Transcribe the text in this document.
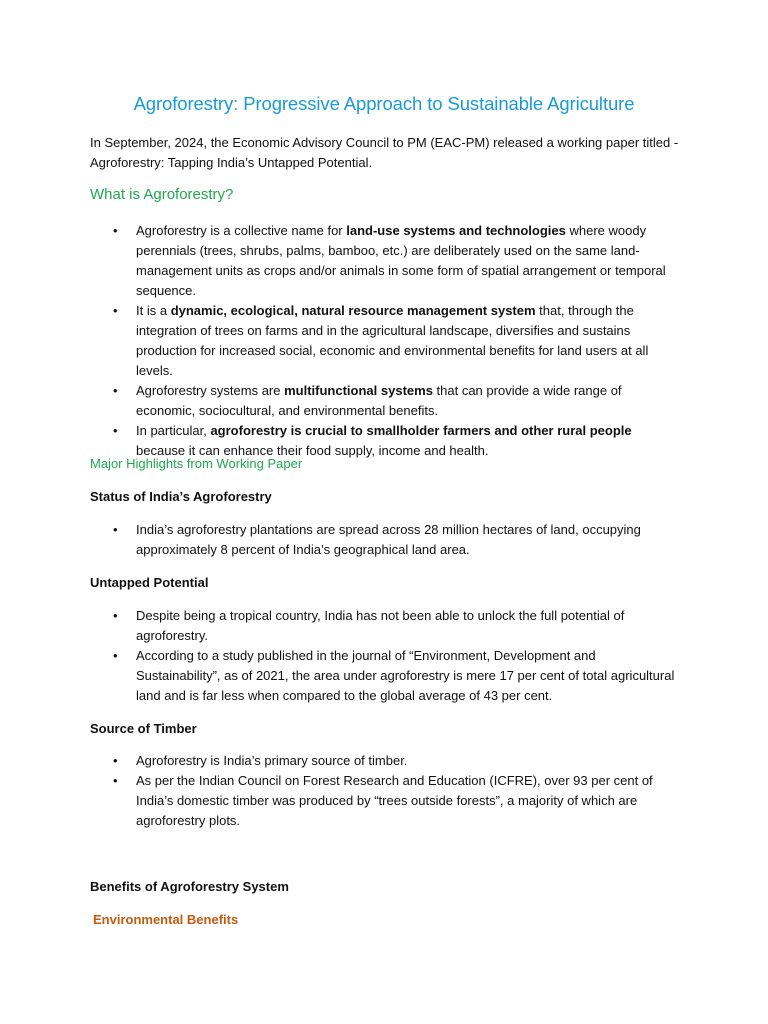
Agroforestry: Progressive Approach to Sustainable Agriculture

In September, 2024, the Economic Advisory Council to PM (EAC-PM) released a working paper titled - Agroforestry: Tapping India’s Untapped Potential.

What is Agroforestry?
• Agroforestry is a collective name for land-use systems and technologies where woody perennials (trees, shrubs, palms, bamboo, etc.) are deliberately used on the same land-management units as crops and/or animals in some form of spatial arrangement or temporal sequence.
• It is a dynamic, ecological, natural resource management system that, through the integration of trees on farms and in the agricultural landscape, diversifies and sustains production for increased social, economic and environmental benefits for land users at all levels.
• Agroforestry systems are multifunctional systems that can provide a wide range of economic, sociocultural, and environmental benefits.
• In particular, agroforestry is crucial to smallholder farmers and other rural people because it can enhance their food supply, income and health.
Major Highlights from Working Paper
Status of India’s Agroforestry
• India’s agroforestry plantations are spread across 28 million hectares of land, occupying approximately 8 percent of India’s geographical land area.
Untapped Potential
• Despite being a tropical country, India has not been able to unlock the full potential of agroforestry.
• According to a study published in the journal of “Environment, Development and Sustainability”, as of 2021, the area under agroforestry is mere 17 per cent of total agricultural land and is far less when compared to the global average of 43 per cent.
Source of Timber
• Agroforestry is India’s primary source of timber.
• As per the Indian Council on Forest Research and Education (ICFRE), over 93 per cent of India’s domestic timber was produced by “trees outside forests”, a majority of which are agroforestry plots.
Benefits of Agroforestry System
Environmental Benefits
